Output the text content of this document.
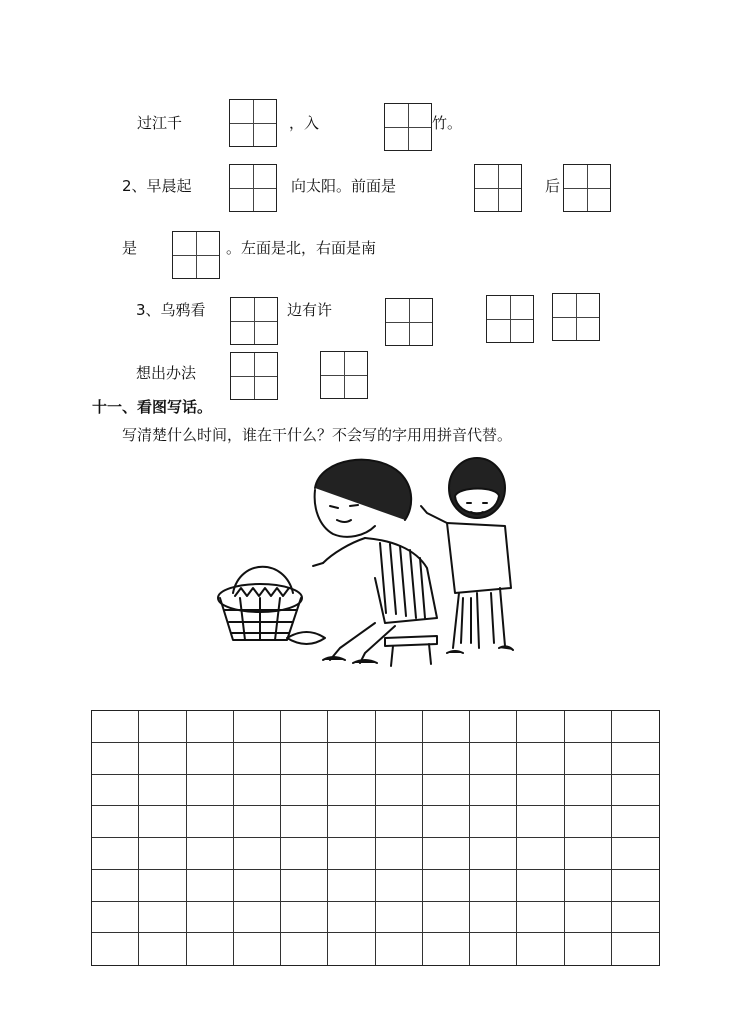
过江千	，入	竹。
2、早晨起	向太阳。前面是	后
是	左面是北，右面是南。
3、乌鸦看	边有许
想出办法
十一、看图写话。
写清楚什么时间，谁在干什么？不会写的字用用拼音代替。
